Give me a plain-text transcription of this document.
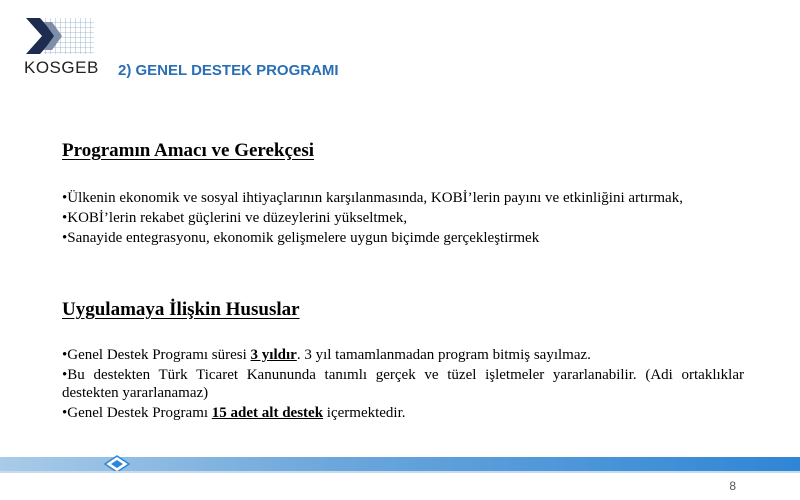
KOSGEB 2) GENEL DESTEK PROGRAMI
Programın Amacı ve Gerekçesi
•Ülkenin ekonomik ve sosyal ihtiyaçlarının karşılanmasında, KOBİ’lerin payını ve etkinliğini artırmak,
•KOBİ’lerin rekabet güçlerini ve düzeylerini yükseltmek,
•Sanayide entegrasyonu, ekonomik gelişmelere uygun biçimde gerçekleştirmek
Uygulamaya İlişkin Hususlar
•Genel Destek Programı süresi 3 yıldır. 3 yıl tamamlanmadan program bitmiş sayılmaz.
•Bu destekten Türk Ticaret Kanununda tanımlı gerçek ve tüzel işletmeler yararlanabilir. (Adi ortaklıklar destekten yararlanamaz)
•Genel Destek Programı 15 adet alt destek içermektedir.
8
